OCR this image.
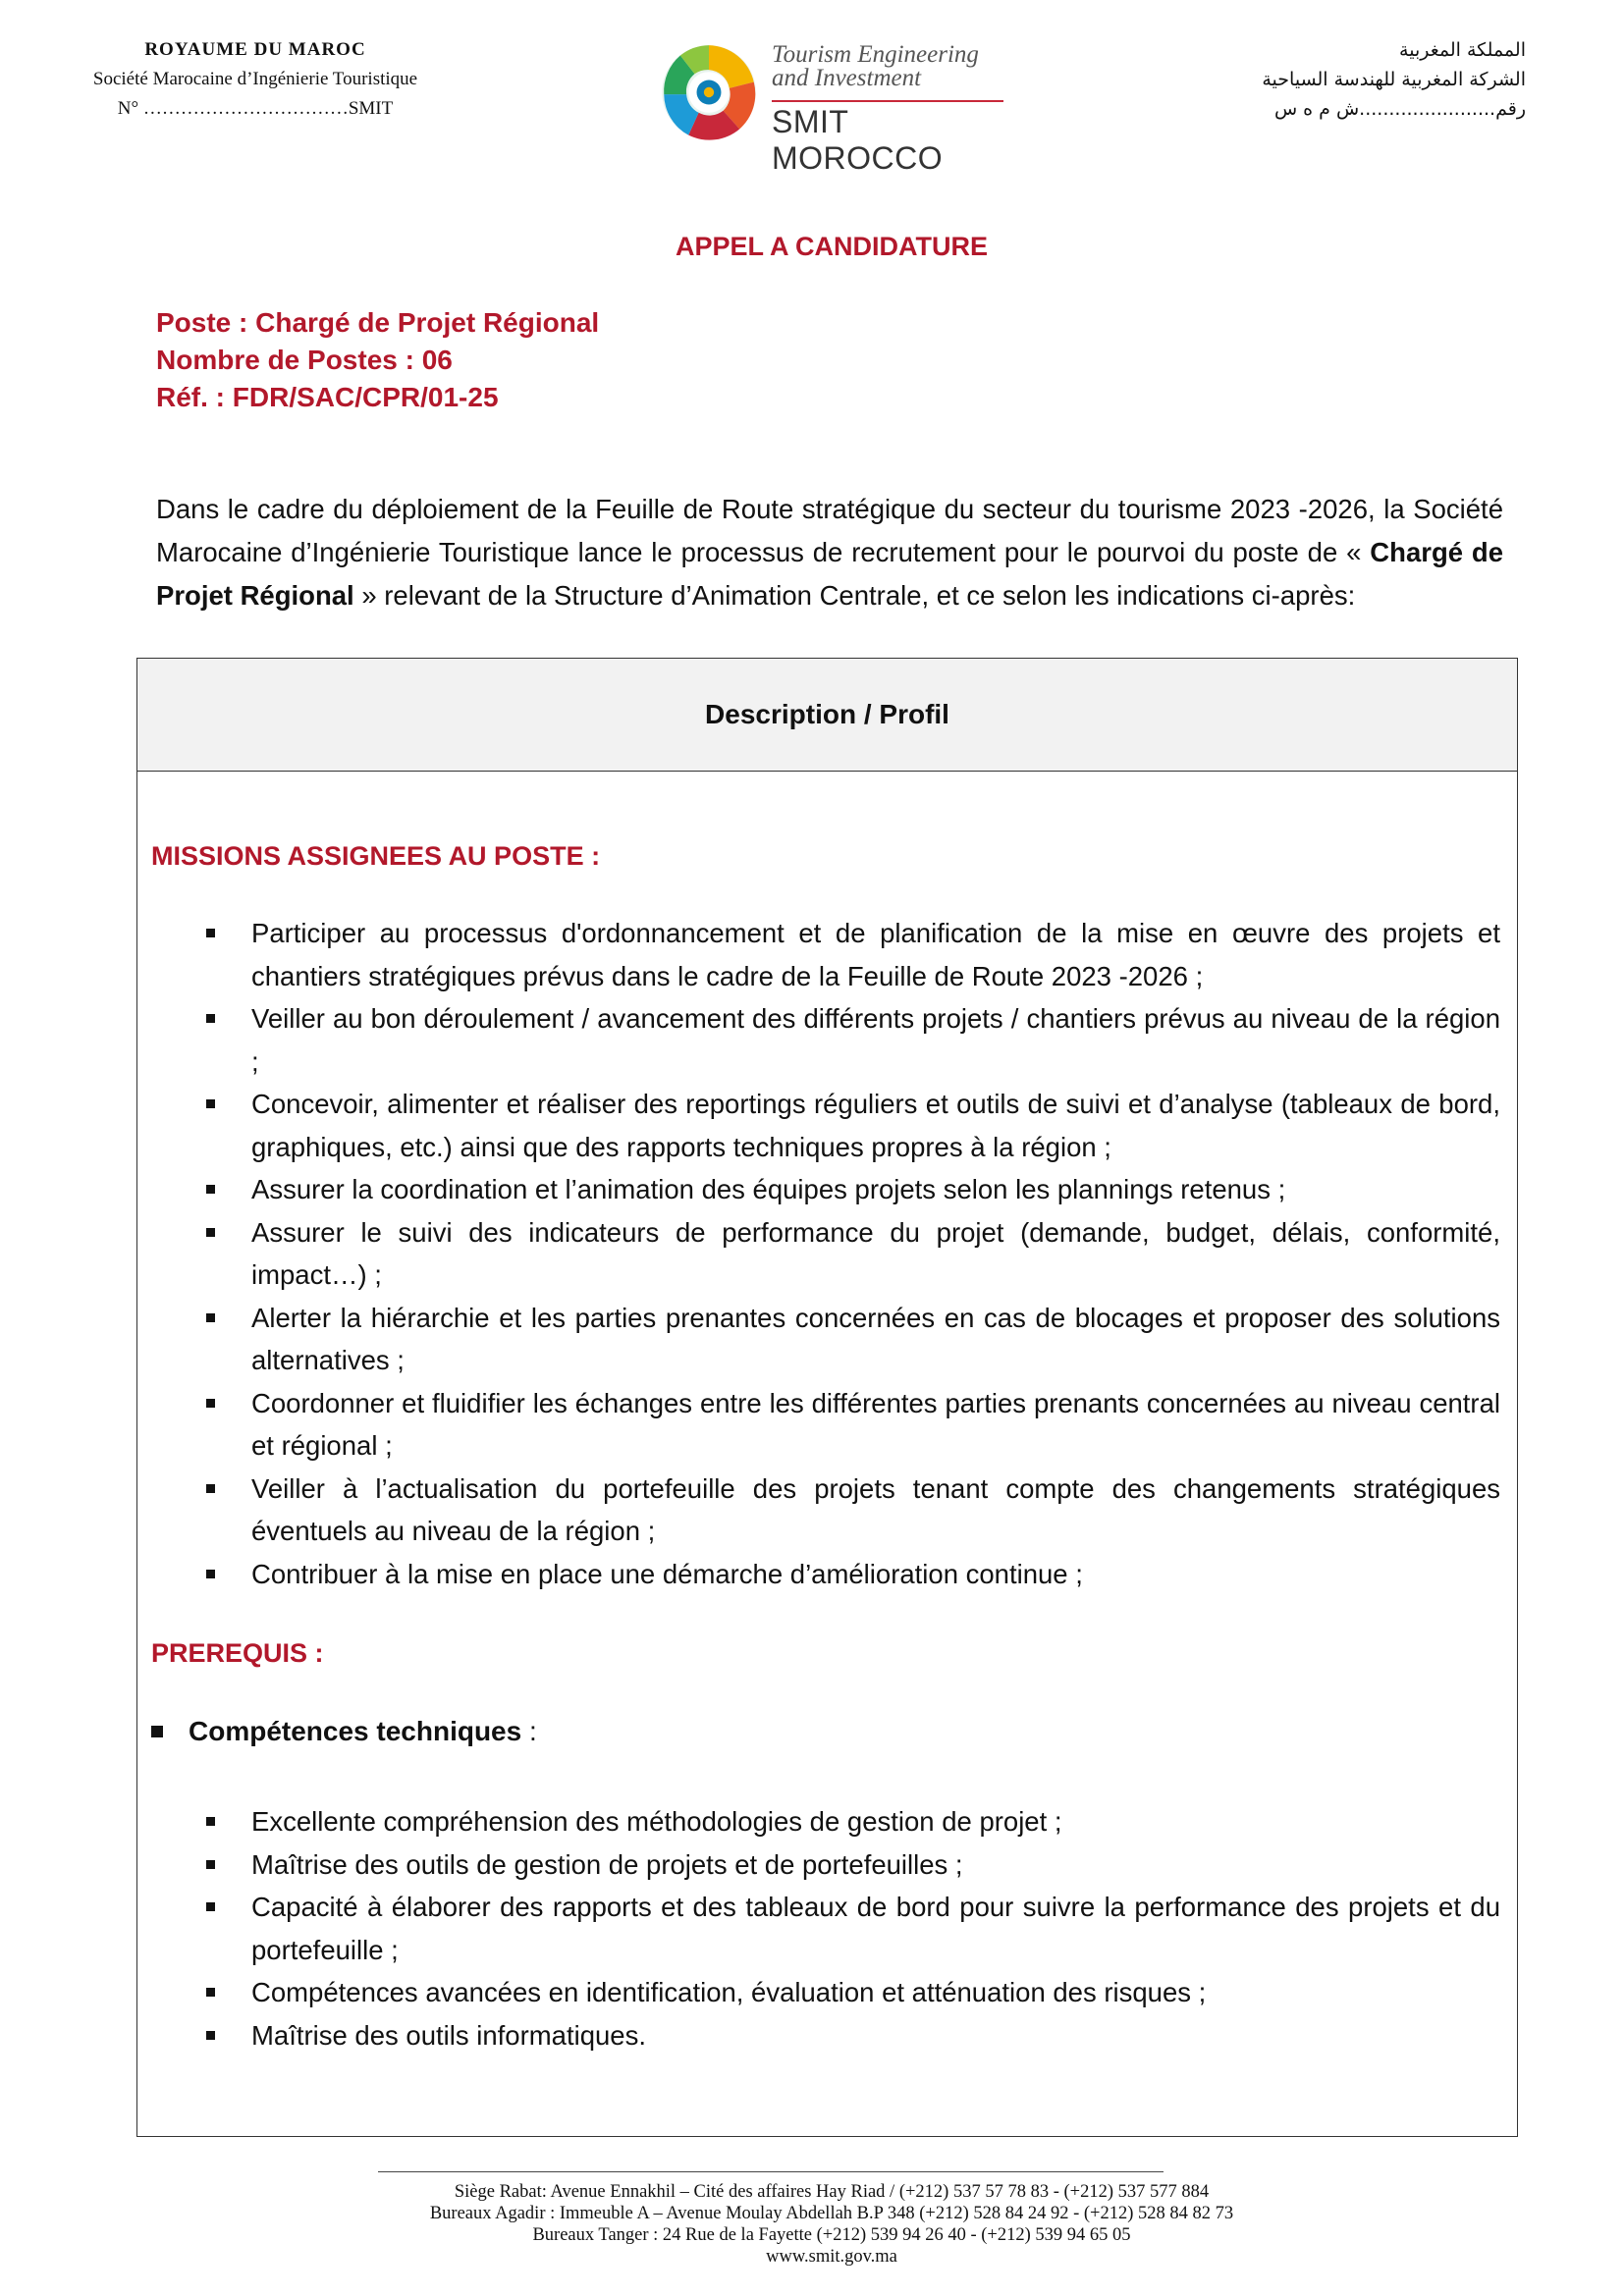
ROYAUME DU MAROC
Société Marocaine d’Ingénierie Touristique
N° ……………………………SMIT
Tourism Engineering
and Investment
SMIT MOROCCO
المملكة المغربية
الشركة المغربية للهندسة السياحية
رقم.......................ش م ه س
APPEL A CANDIDATURE
Poste : Chargé de Projet Régional
Nombre de Postes : 06
Réf. : FDR/SAC/CPR/01-25
Dans le cadre du déploiement de la Feuille de Route stratégique du secteur du tourisme 2023 -2026, la Société Marocaine d’Ingénierie Touristique lance le processus de recrutement pour le pourvoi du poste de « Chargé de Projet Régional » relevant de la Structure d’Animation Centrale, et ce selon les indications ci-après:
Description / Profil
MISSIONS ASSIGNEES AU POSTE :
Participer au processus d'ordonnancement et de planification de la mise en œuvre des projets et chantiers stratégiques prévus dans le cadre de la Feuille de Route 2023 -2026 ;
Veiller au bon déroulement / avancement des différents projets / chantiers prévus au niveau de la région ;
Concevoir, alimenter et réaliser des reportings réguliers et outils de suivi et d’analyse (tableaux de bord, graphiques, etc.) ainsi que des rapports techniques propres à la région ;
Assurer la coordination et l’animation des équipes projets selon les plannings retenus ;
Assurer le suivi des indicateurs de performance du projet (demande, budget, délais, conformité, impact…) ;
Alerter la hiérarchie et les parties prenantes concernées en cas de blocages et proposer des solutions alternatives ;
Coordonner et fluidifier les échanges entre les différentes parties prenants concernées au niveau central et régional ;
Veiller à l’actualisation du portefeuille des projets tenant compte des changements stratégiques éventuels au niveau de la région ;
Contribuer à la mise en place une démarche d’amélioration continue ;
PREREQUIS :
Compétences techniques :
Excellente compréhension des méthodologies de gestion de projet ;
Maîtrise des outils de gestion de projets et de portefeuilles ;
Capacité à élaborer des rapports et des tableaux de bord pour suivre la performance des projets et du portefeuille ;
Compétences avancées en identification, évaluation et atténuation des risques ;
Maîtrise des outils informatiques.
Siège Rabat: Avenue Ennakhil – Cité des affaires Hay Riad / (+212) 537 57 78 83 - (+212) 537 577 884
Bureaux Agadir : Immeuble A – Avenue Moulay Abdellah B.P 348 (+212) 528 84 24 92 - (+212) 528 84 82 73
Bureaux Tanger : 24 Rue de la Fayette (+212) 539 94 26 40 - (+212) 539 94 65 05
www.smit.gov.ma
